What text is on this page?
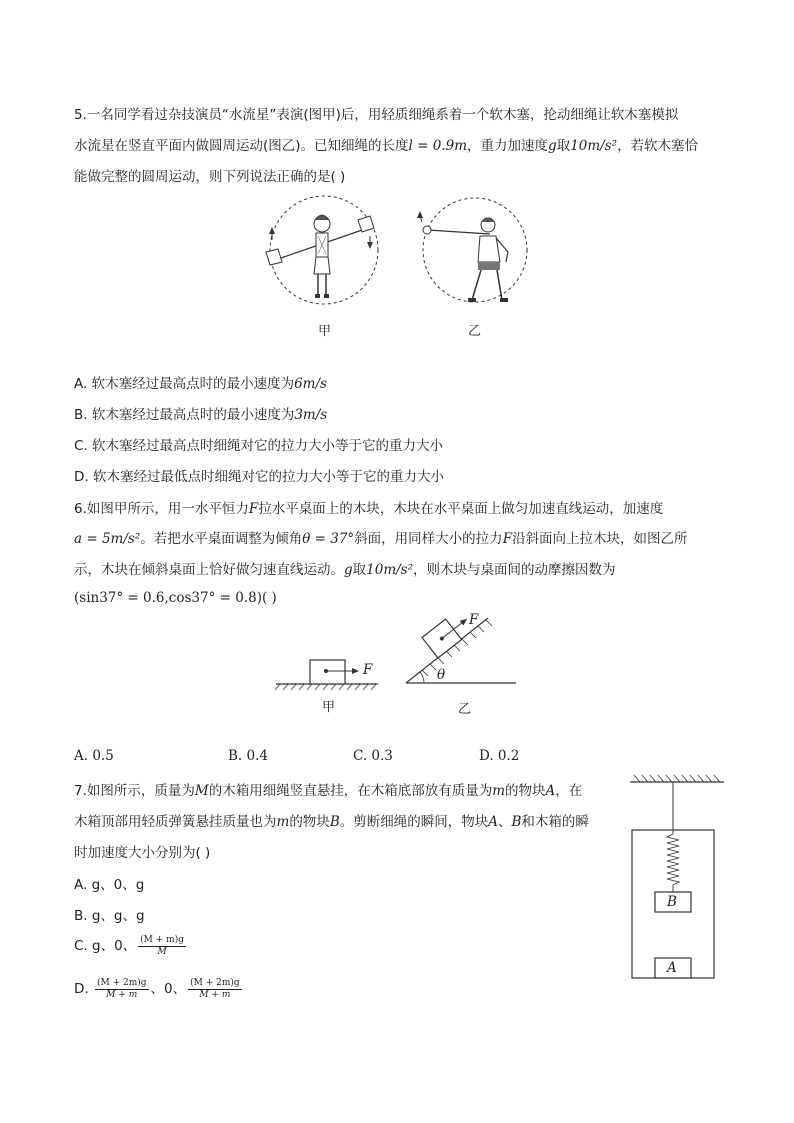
5.一名同学看过杂技演员“水流星”表演(图甲)后，用轻质细绳系着一个软木塞，抡动细绳让软木塞模拟
水流星在竖直平面内做圆周运动(图乙)。已知细绳的长度l = 0.9m，重力加速度g取10m/s²，若软木塞恰
能做完整的圆周运动，则下列说法正确的是( )
甲	乙
A. 软木塞经过最高点时的最小速度为6m/s
B. 软木塞经过最高点时的最小速度为3m/s
C. 软木塞经过最高点时细绳对它的拉力大小等于它的重力大小
D. 软木塞经过最低点时细绳对它的拉力大小等于它的重力大小
6.如图甲所示，用一水平恒力F拉水平桌面上的木块，木块在水平桌面上做匀加速直线运动，加速度
a = 5m/s²。若把水平桌面调整为倾角θ = 37°斜面，用同样大小的拉力F沿斜面向上拉木块，如图乙所
示，木块在倾斜桌面上恰好做匀速直线运动。g取10m/s²，则木块与桌面间的动摩擦因数为
(sin37° = 0.6,cos37° = 0.8)( )
F
甲
F
θ
乙
A. 0.5	B. 0.4	C. 0.3	D. 0.2
7.如图所示，质量为M的木箱用细绳竖直悬挂，在木箱底部放有质量为m的物块A，在
木箱顶部用轻质弹簧悬挂质量也为m的物块B。剪断细绳的瞬间，物块A、B和木箱的瞬
时加速度大小分别为( )
A. g、0、g
B. g、g、g
C. g、0、 $\frac{(M + m)g}{M}$
D. $\frac{(M + 2m)g}{M + m}$ 、0、 $\frac{(M + 2m)g}{M + m}$
B
A
